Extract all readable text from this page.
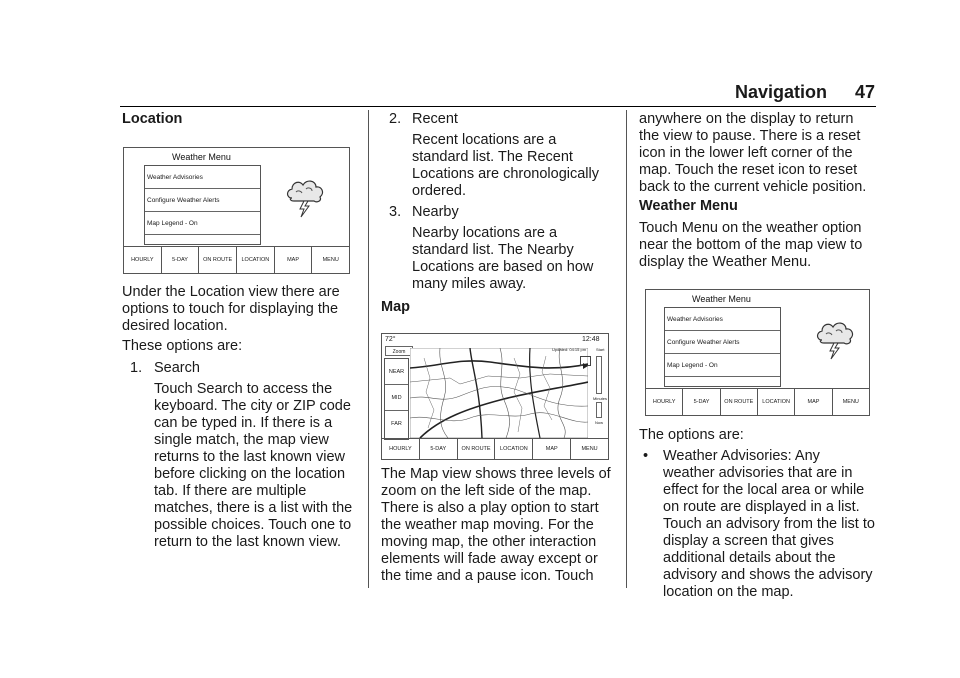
Navigation 47
Location
Weather Menu
Weather Advisories
Configure Weather Alerts
Map Legend - On
HOURLY	5-DAY	ON ROUTE	LOCATION	MAP	MENU

Under the Location view there are options to touch for displaying the desired location.

These options are:

1. Search

Touch Search to access the keyboard. The city or ZIP code can be typed in. If there is a single match, the map view returns to the last known view before clicking on the location tab. If there are multiple matches, there is a list with the possible choices. Touch one to return to the last known view.

2. Recent

Recent locations are a standard list. The Recent Locations are chronologically ordered.

3. Nearby

Nearby locations are a standard list. The Nearby Locations are based on how many miles away.

Map
72°	12:48
Zoom	Updated: 04:15 pm Start
Minutes
Now
NEAR
MID
FAR
HOURLY	5-DAY	ON ROUTE	LOCATION	MAP	MENU

The Map view shows three levels of zoom on the left side of the map. There is also a play option to start the weather map moving. For the moving map, the other interaction elements will fade away except or the time and a pause icon. Touch

anywhere on the display to return the view to pause. There is a reset icon in the lower left corner of the map. Touch the reset icon to reset back to the current vehicle position.

Weather Menu

Touch Menu on the weather option near the bottom of the map view to display the Weather Menu.

Weather Menu
Weather Advisories
Configure Weather Alerts
Map Legend - On
HOURLY	5-DAY	ON ROUTE	LOCATION	MAP	MENU

The options are:

• Weather Advisories: Any weather advisories that are in effect for the local area or while on route are displayed in a list. Touch an advisory from the list to display a screen that gives additional details about the advisory and shows the advisory location on the map.
